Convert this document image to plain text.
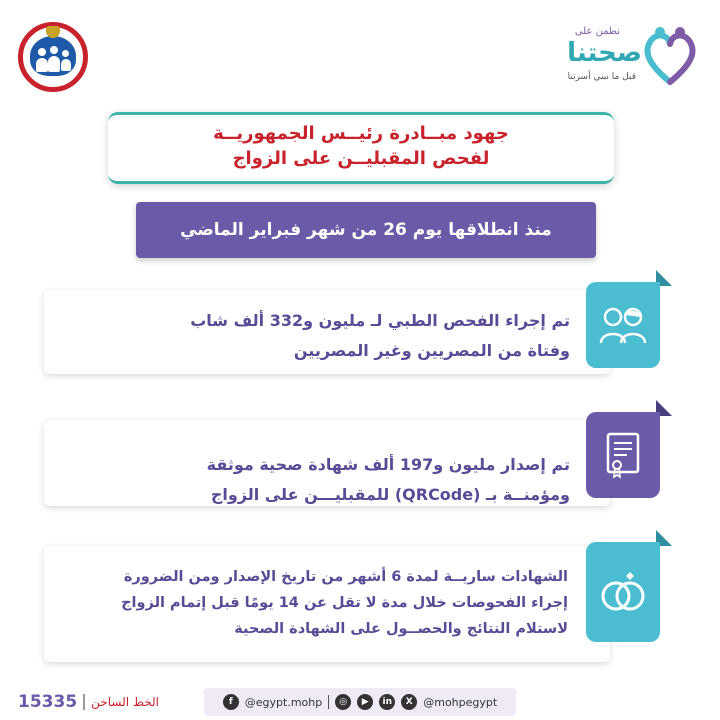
نطمن على
صحتنا
قبل ما نبني أسرتنا
جهود مبــادرة رئيــس الجمهوريــة
لفحص المقبليــن على الزواج
منذ انطلاقها يوم 26 من شهر فبراير الماضي
تم إجراء الفحص الطبي لـ مليون و332 ألف شاب
وفتاة من المصريين وغير المصريين
تم إصدار مليون و197 ألف شهادة صحية موثقة
ومؤمنــة بـ (QRCode) للمقبليـــن على الزواج
الشهادات ساريــة لمدة 6 أشهر من تاريخ الإصدار ومن الضرورة
إجراء الفحوصات خلال مدة لا تقل عن 14 يومًا قبل إتمام الزواج
لاستلام النتائج والحصــول على الشهادة الصحية
15335 الخط الساخن	f	@egypt.mohp	◎	▶	in	X @mohpegypt
